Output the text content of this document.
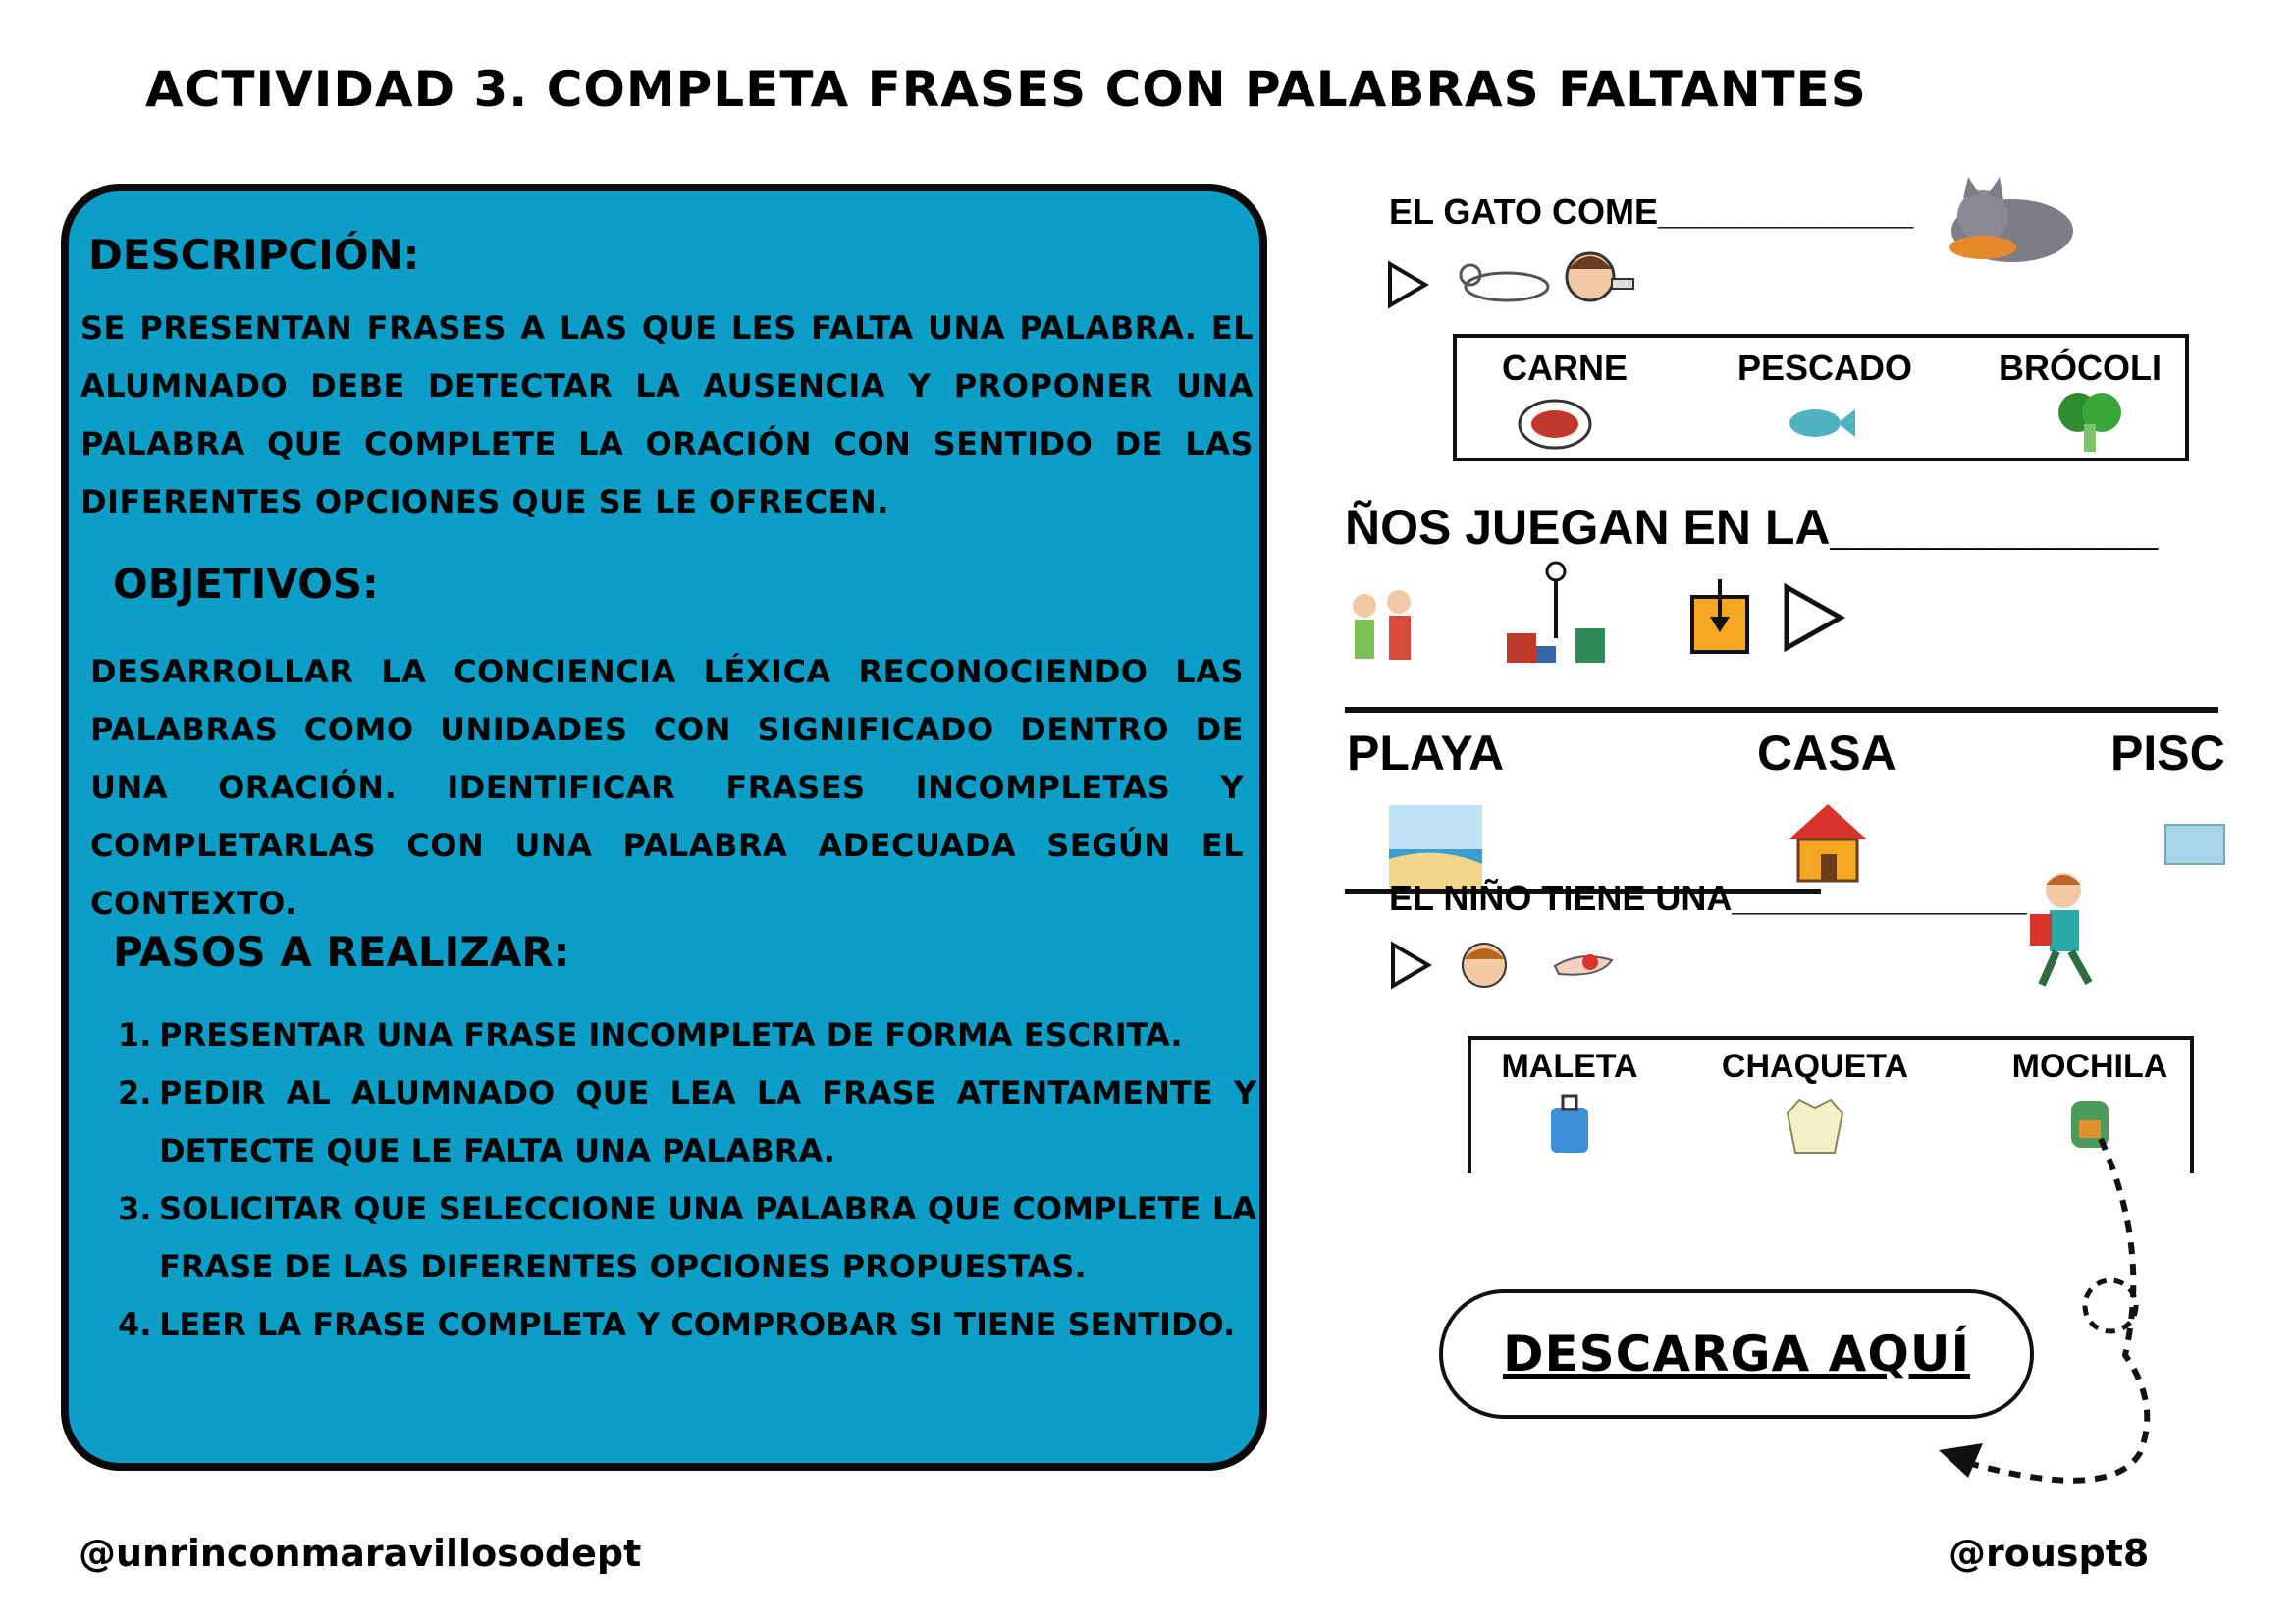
ACTIVIDAD 3. COMPLETA FRASES CON PALABRAS FALTANTES
DESCRIPCIÓN:

SE PRESENTAN FRASES A LAS QUE LES FALTA UNA PALABRA. EL ALUMNADO DEBE DETECTAR LA AUSENCIA Y PROPONER UNA PALABRA QUE COMPLETE LA ORACIÓN CON SENTIDO DE LAS DIFERENTES OPCIONES QUE SE LE OFRECEN.

OBJETIVOS:

DESARROLLAR LA CONCIENCIA LÉXICA RECONOCIENDO LAS PALABRAS COMO UNIDADES CON SIGNIFICADO DENTRO DE UNA ORACIÓN. IDENTIFICAR FRASES INCOMPLETAS Y COMPLETARLAS CON UNA PALABRA ADECUADA SEGÚN EL CONTEXTO.

PASOS A REALIZAR:
1. PRESENTAR UNA FRASE INCOMPLETA DE FORMA ESCRITA.
2. PEDIR AL ALUMNADO QUE LEA LA FRASE ATENTAMENTE Y DETECTE QUE LE FALTA UNA PALABRA.
3. SOLICITAR QUE SELECCIONE UNA PALABRA QUE COMPLETE LA FRASE DE LAS DIFERENTES OPCIONES PROPUESTAS.
4. LEER LA FRASE COMPLETA Y COMPROBAR SI TIENE SENTIDO.

EL GATO COME_____________

CARNE	PESCADO	BRÓCOLI

ÑOS JUEGAN EN LA____________

PLAYA	CASA	PISC

EL NIÑO TIENE UNA_______________

MALETA	CHAQUETA	MOCHILA
DESCARGA AQUÍ

@unrinconmaravillosodept	@rouspt8
